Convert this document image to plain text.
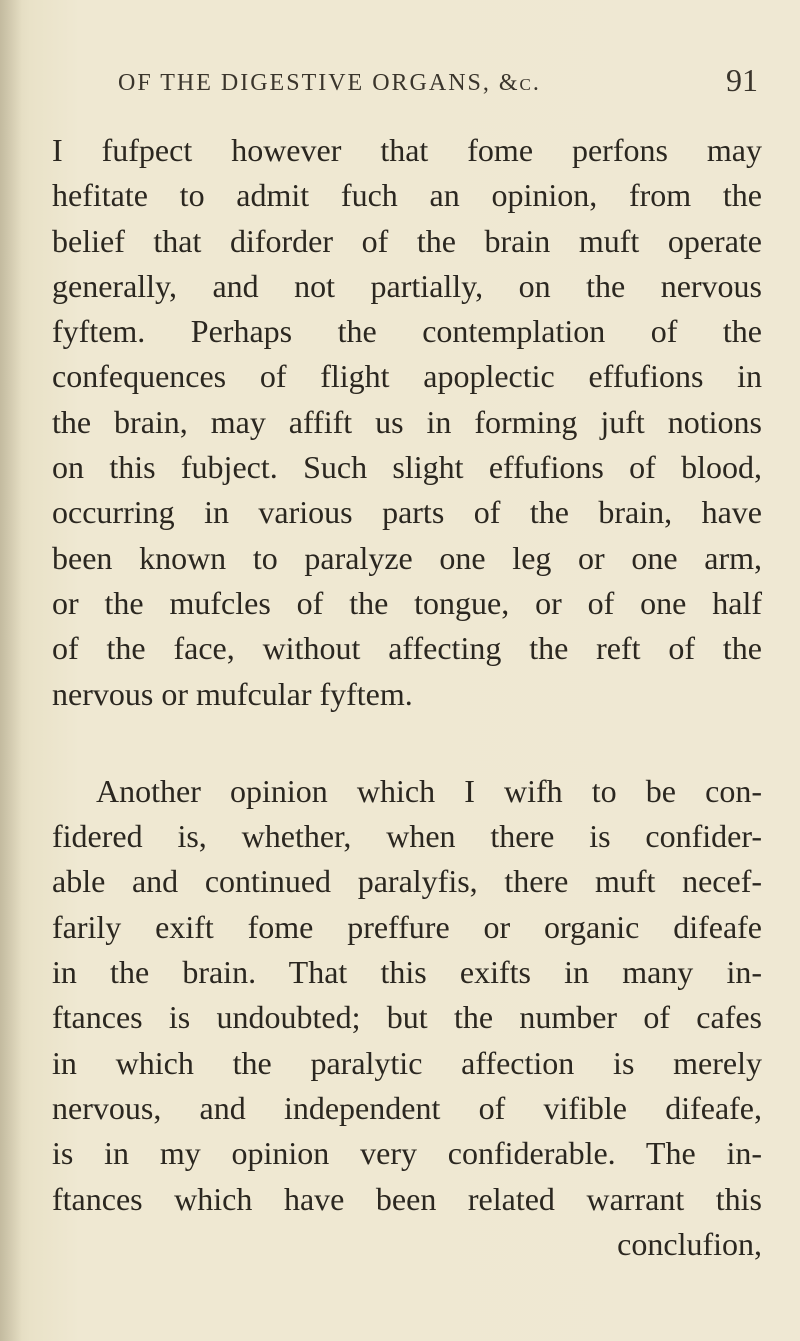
OF THE DIGESTIVE ORGANS, &c.	91
I fufpect however that fome perfons may
hefitate to admit fuch an opinion, from the
belief that diforder of the brain muft operate
generally, and not partially, on the nervous
fyftem. Perhaps the contemplation of the
confequences of flight apoplectic effufions in
the brain, may affift us in forming juft notions
on this fubject. Such slight effufions of blood,
occurring in various parts of the brain, have
been known to paralyze one leg or one arm,
or the mufcles of the tongue, or of one half
of the face, without affecting the reft of the
nervous or mufcular fyftem.
Another opinion which I wifh to be con-
fidered is, whether, when there is confider-
able and continued paralyfis, there muft necef-
farily exift fome preffure or organic difeafe
in the brain. That this exifts in many in-
ftances is undoubted; but the number of cafes
in which the paralytic affection is merely
nervous, and independent of vifible difeafe,
is in my opinion very confiderable. The in-
ftances which have been related warrant this
conclufion,
